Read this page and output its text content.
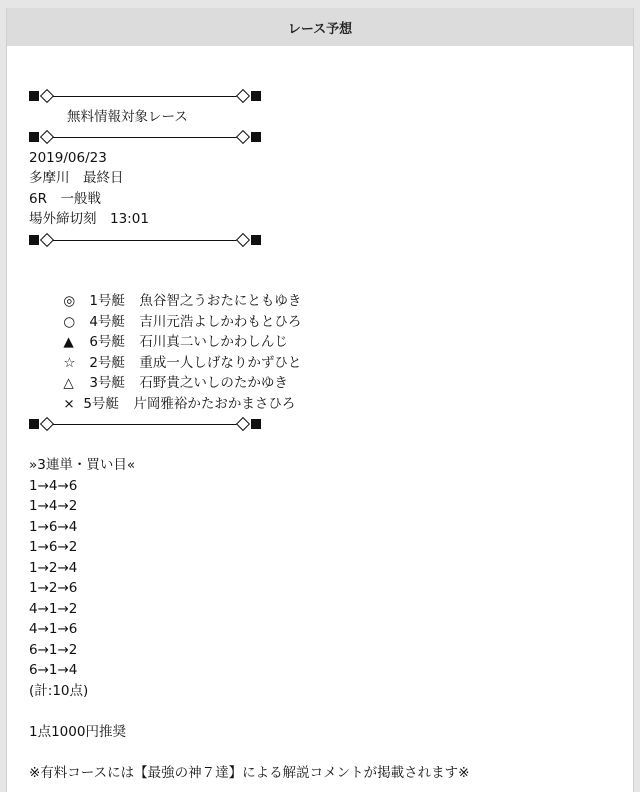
レース予想
無料情報対象レース
2019/06/23
多摩川　最終日
6R　一般戦
場外締切刻　13:01

◎ 1号艇 魚谷智之うおたにともゆき

○ 4号艇 吉川元浩よしかわもとひろ

▲ 6号艇 石川真二いしかわしんじ

☆ 2号艇 重成一人しげなりかずひと

△ 3号艇 石野貴之いしのたかゆき

× 5号艇 片岡雅裕かたおかまさひろ

»3連単・買い目«
1→4→6
1→4→2
1→6→4
1→6→2
1→2→4
1→2→6
4→1→2
4→1→6
6→1→2
6→1→4
(計:10点)
1点1000円推奨
※有料コースには【最強の神７達】による解説コメントが掲載されます※
